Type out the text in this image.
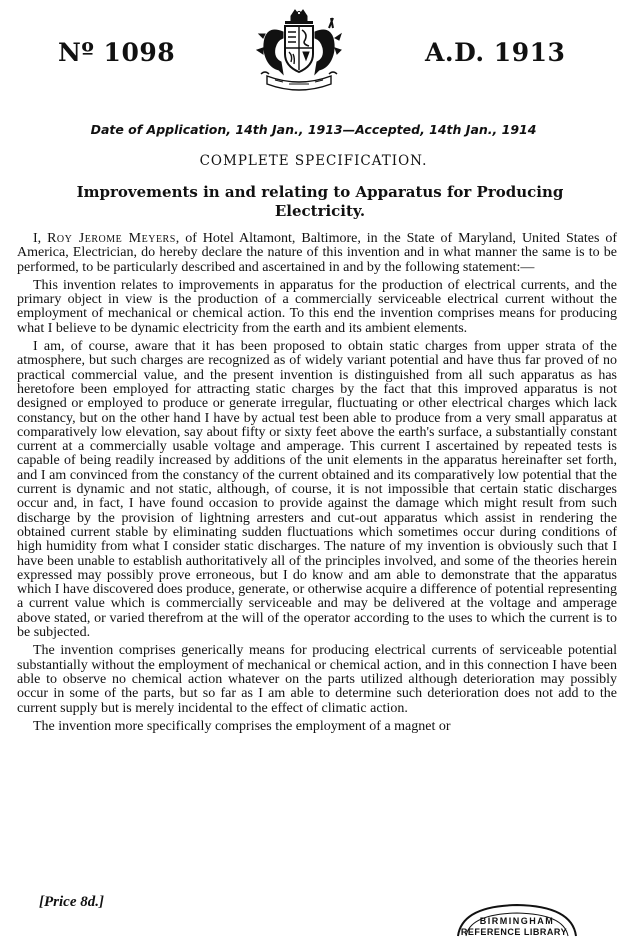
Nº 1098	A.D. 1913
Date of Application, 14th Jan., 1913—Accepted, 14th Jan., 1914
COMPLETE SPECIFICATION.
Improvements in and relating to Apparatus for Producing Electricity.

I, Roy Jerome Meyers, of Hotel Altamont, Baltimore, in the State of Maryland, United States of America, Electrician, do hereby declare the nature of this invention and in what manner the same is to be performed, to be particularly described and ascertained in and by the following statement:—

This invention relates to improvements in apparatus for the production of electrical currents, and the primary object in view is the production of a commercially serviceable electrical current without the employment of mechanical or chemical action. To this end the invention comprises means for producing what I believe to be dynamic electricity from the earth and its ambient elements.

I am, of course, aware that it has been proposed to obtain static charges from upper strata of the atmosphere, but such charges are recognized as of widely variant potential and have thus far proved of no practical commercial value, and the present invention is distinguished from all such apparatus as has heretofore been employed for attracting static charges by the fact that this improved apparatus is not designed or employed to produce or generate irregular, fluctuating or other electrical charges which lack constancy, but on the other hand I have by actual test been able to produce from a very small apparatus at comparatively low elevation, say about fifty or sixty feet above the earth's surface, a substantially constant current at a commercially usable voltage and amperage. This current I ascertained by repeated tests is capable of being readily increased by additions of the unit elements in the apparatus hereinafter set forth, and I am convinced from the constancy of the current obtained and its comparatively low potential that the current is dynamic and not static, although, of course, it is not impossible that certain static discharges occur and, in fact, I have found occasion to provide against the damage which might result from such discharge by the provision of lightning arresters and cut-out apparatus which assist in rendering the obtained current stable by eliminating sudden fluctuations which sometimes occur during conditions of high humidity from what I consider static discharges. The nature of my invention is obviously such that I have been unable to establish authoritatively all of the principles involved, and some of the theories herein expressed may possibly prove erroneous, but I do know and am able to demonstrate that the apparatus which I have discovered does produce, generate, or otherwise acquire a difference of potential representing a current value which is commercially serviceable and may be delivered at the voltage and amperage above stated, or varied therefrom at the will of the operator according to the uses to which the current is to be subjected.

The invention comprises generically means for producing electrical currents of serviceable potential substantially without the employment of mechanical or chemical action, and in this connection I have been able to observe no chemical action whatever on the parts utilized although deterioration may possibly occur in some of the parts, but so far as I am able to determine such deterioration does not add to the current supply but is merely incidental to the effect of climatic action.

The invention more specifically comprises the employment of a magnet or

[Price 8d.]
BIRMINGHAM
REFERENCE LIBRARY
